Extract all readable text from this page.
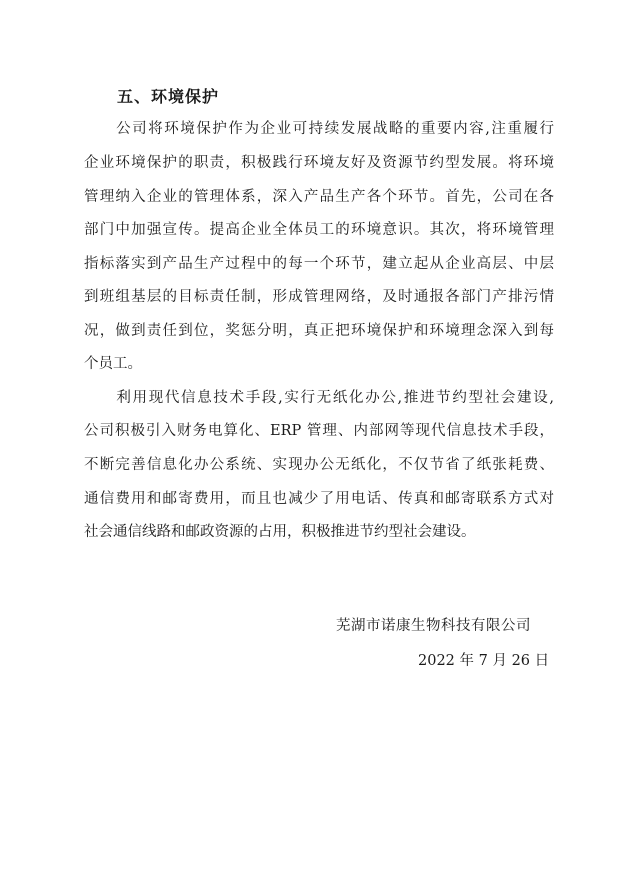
五、环境保护
　　公司将环境保护作为企业可持续发展战略的重要内容,注重履行
企业环境保护的职责，积极践行环境友好及资源节约型发展。将环境
管理纳入企业的管理体系，深入产品生产各个环节。首先，公司在各
部门中加强宣传。提高企业全体员工的环境意识。其次，将环境管理
指标落实到产品生产过程中的每一个环节，建立起从企业高层、中层
到班组基层的目标责任制，形成管理网络，及时通报各部门产排污情
况，做到责任到位，奖惩分明，真正把环境保护和环境理念深入到每
个员工。
　　利用现代信息技术手段,实行无纸化办公,推进节约型社会建设,
公司积极引入财务电算化、ERP 管理、内部网等现代信息技术手段，
不断完善信息化办公系统、实现办公无纸化，不仅节省了纸张耗费、
通信费用和邮寄费用，而且也减少了用电话、传真和邮寄联系方式对
社会通信线路和邮政资源的占用，积极推进节约型社会建设。
芜湖市诺康生物科技有限公司
2022 年 7 月 26 日
